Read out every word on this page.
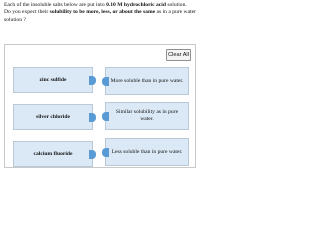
Each of the insoluble salts below are put into 0.10 M hydrochloric acid solution.
Do you expect their solubility to be more, less, or about the same as in a pure water solution ?
Clear All
zinc sulfide
silver chloride
calcium fluoride
More soluble than in pure water.
Similar solubility as in pure water.
Less soluble than in pure water.
